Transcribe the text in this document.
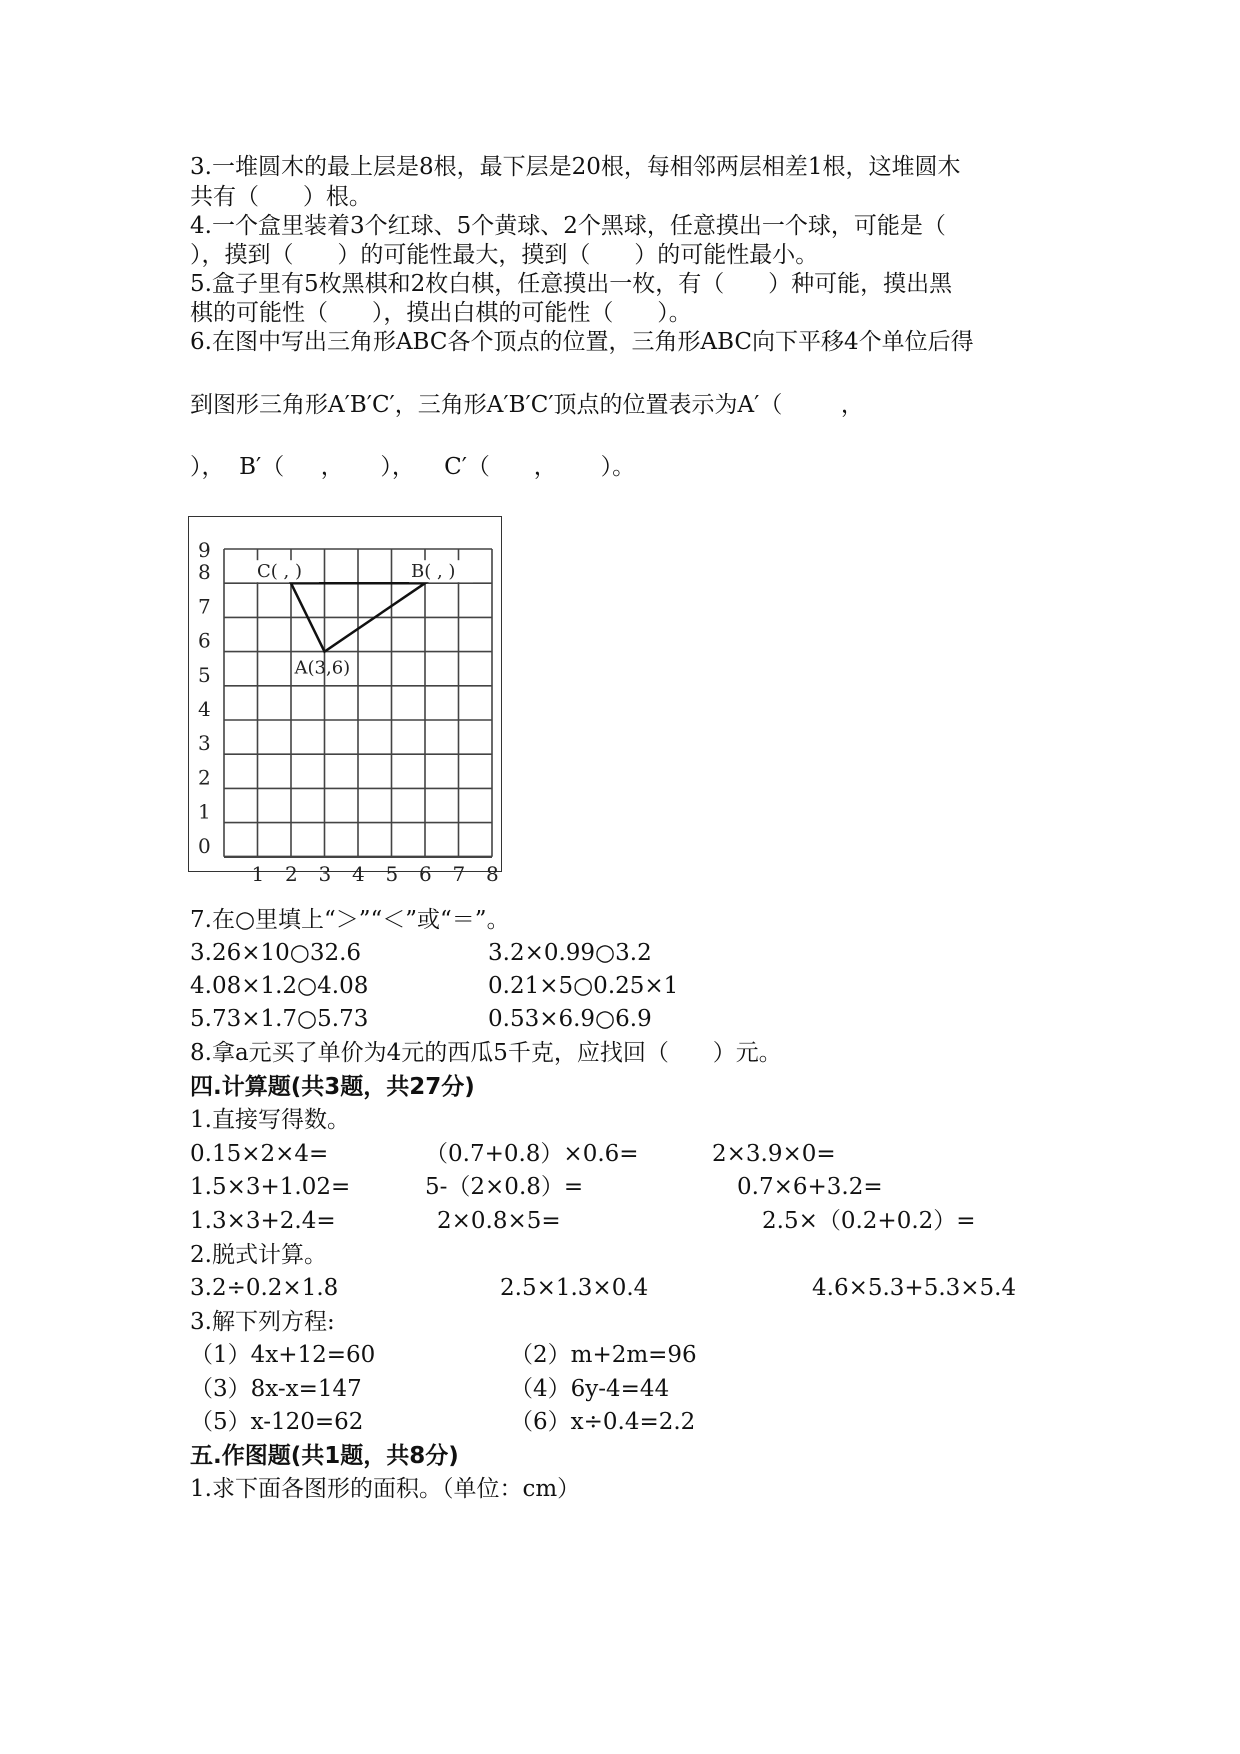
3.一堆圆木的最上层是8根，最下层是20根，每相邻两层相差1根，这堆圆木
共有（      ）根。
4.一个盒里装着3个红球、5个黄球、2个黑球，任意摸出一个球，可能是（
），摸到（      ）的可能性最大，摸到（      ）的可能性最小。
5.盒子里有5枚黑棋和2枚白棋，任意摸出一枚，有（      ）种可能，摸出黑
棋的可能性（      ），摸出白棋的可能性（      ）。
6.在图中写出三角形ABC各个顶点的位置，三角形ABC向下平移4个单位后得
到图形三角形A′B′C′，三角形A′B′C′顶点的位置表示为A′（        ，
），  B′（     ，     ），    C′（      ，      ）。
1 2 3 4 5 6 7 8
0
1
2
3
4
5
6
7
8
9
C( , )	B( , )
A(3,6)
7.在○里填上“＞”“＜”或“＝”。
3.26×10○32.6	3.2×0.99○3.2
4.08×1.2○4.08	0.21×5○0.25×1
5.73×1.7○5.73	0.53×6.9○6.9
8.拿a元买了单价为4元的西瓜5千克，应找回（      ）元。
四.计算题(共3题，共27分)
1.直接写得数。
0.15×2×4=	（0.7+0.8）×0.6=	2×3.9×0=
1.5×3+1.02=	5-（2×0.8）=	0.7×6+3.2=
1.3×3+2.4=	2×0.8×5=	2.5×（0.2+0.2）=
2.脱式计算。
3.2÷0.2×1.8	2.5×1.3×0.4	4.6×5.3+5.3×5.4
3.解下列方程:
（1）4x+12=60	（2）m+2m=96
（3）8x-x=147	（4）6y-4=44
（5）x-120=62	（6）x÷0.4=2.2
五.作图题(共1题，共8分)
1.求下面各图形的面积。（单位：cm）
